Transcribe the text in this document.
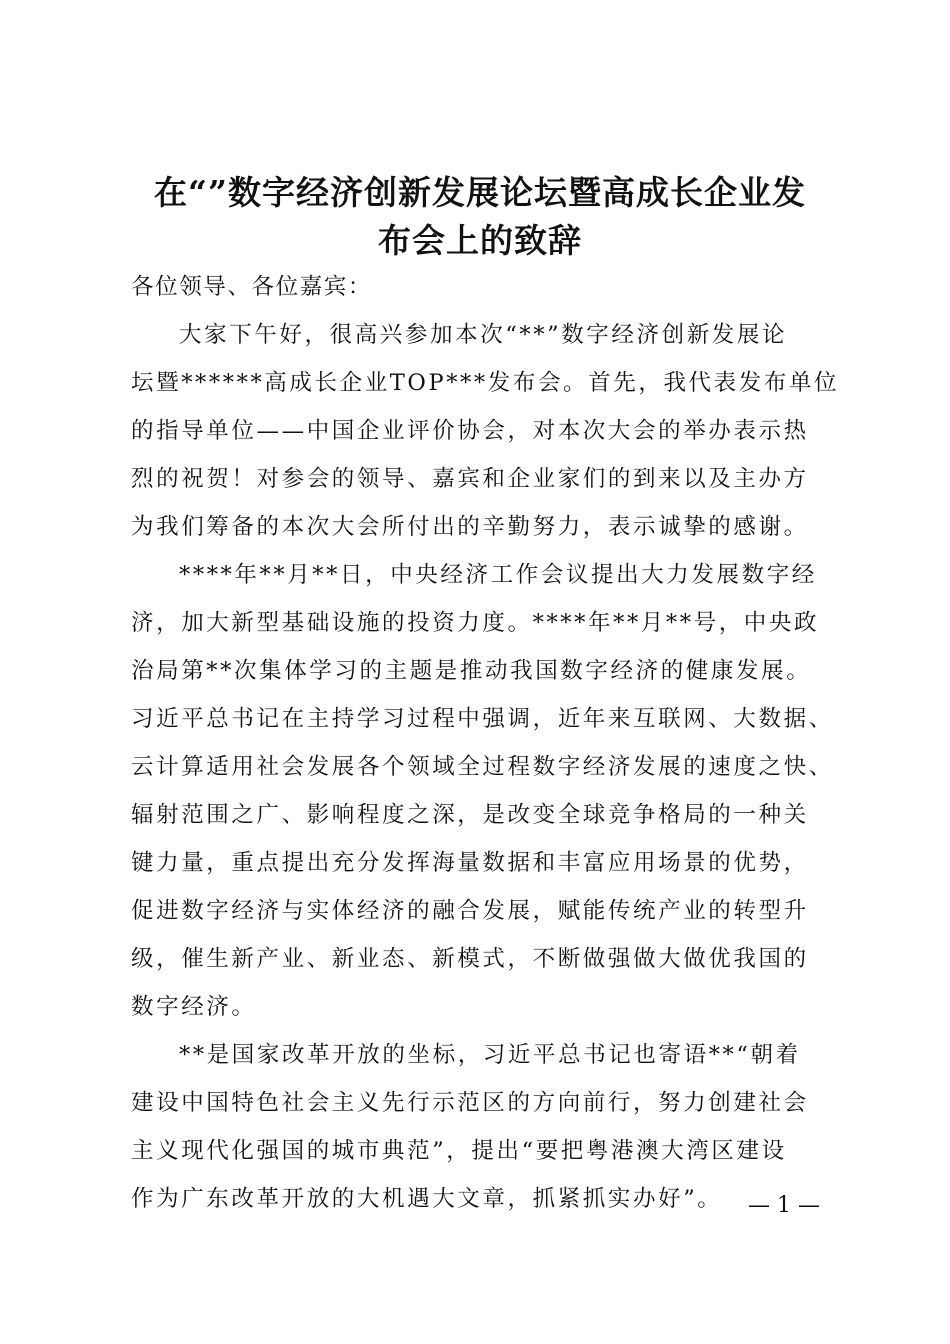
在“”数字经济创新发展论坛暨高成长企业发
布会上的致辞

各位领导、各位嘉宾：

大家下午好，很高兴参加本次“**”数字经济创新发展论

坛暨******高成长企业TOP***发布会。首先，我代表发布单位

的指导单位——中国企业评价协会，对本次大会的举办表示热

烈的祝贺！对参会的领导、嘉宾和企业家们的到来以及主办方

为我们筹备的本次大会所付出的辛勤努力，表示诚挚的感谢。

****年**月**日，中央经济工作会议提出大力发展数字经

济，加大新型基础设施的投资力度。****年**月**号，中央政

治局第**次集体学习的主题是推动我国数字经济的健康发展。

习近平总书记在主持学习过程中强调，近年来互联网、大数据、

云计算适用社会发展各个领域全过程数字经济发展的速度之快、

辐射范围之广、影响程度之深，是改变全球竞争格局的一种关

键力量，重点提出充分发挥海量数据和丰富应用场景的优势，

促进数字经济与实体经济的融合发展，赋能传统产业的转型升

级，催生新产业、新业态、新模式，不断做强做大做优我国的

数字经济。

**是国家改革开放的坐标，习近平总书记也寄语**“朝着

建设中国特色社会主义先行示范区的方向前行，努力创建社会

主义现代化强国的城市典范”，提出“要把粤港澳大湾区建设

作为广东改革开放的大机遇大文章，抓紧抓实办好”。 — 1 —
